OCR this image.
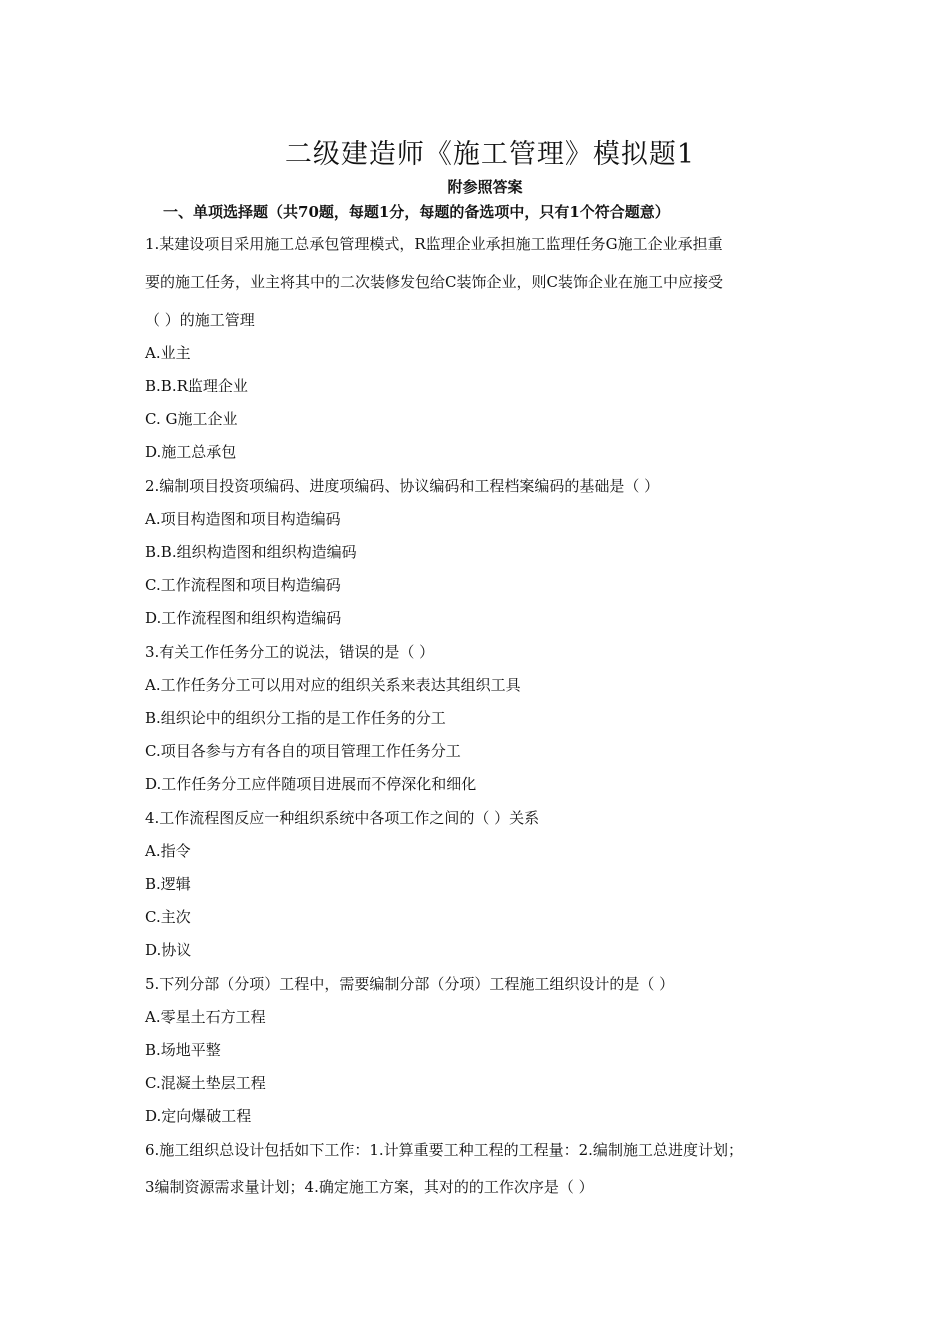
二级建造师《施工管理》模拟题1
附参照答案
一、单项选择题（共70题，每题1分，每题的备选项中，只有1个符合题意）
1.某建设项目采用施工总承包管理模式，R监理企业承担施工监理任务G施工企业承担重
要的施工任务，业主将其中的二次装修发包给C装饰企业，则C装饰企业在施工中应接受
（ ）的施工管理
A.业主
B.B.R监理企业
C. G施工企业
D.施工总承包
2.编制项目投资项编码、进度项编码、协议编码和工程档案编码的基础是（ ）
A.项目构造图和项目构造编码
B.B.组织构造图和组织构造编码
C.工作流程图和项目构造编码
D.工作流程图和组织构造编码
3.有关工作任务分工的说法，错误的是（ ）
A.工作任务分工可以用对应的组织关系来表达其组织工具
B.组织论中的组织分工指的是工作任务的分工
C.项目各参与方有各自的项目管理工作任务分工
D.工作任务分工应伴随项目进展而不停深化和细化
4.工作流程图反应一种组织系统中各项工作之间的（ ）关系
A.指令
B.逻辑
C.主次
D.协议
5.下列分部（分项）工程中，需要编制分部（分项）工程施工组织设计的是（ ）
A.零星土石方工程
B.场地平整
C.混凝土垫层工程
D.定向爆破工程
6.施工组织总设计包括如下工作：1.计算重要工种工程的工程量：2.编制施工总进度计划；
3编制资源需求量计划；4.确定施工方案，其对的的工作次序是（ ）
